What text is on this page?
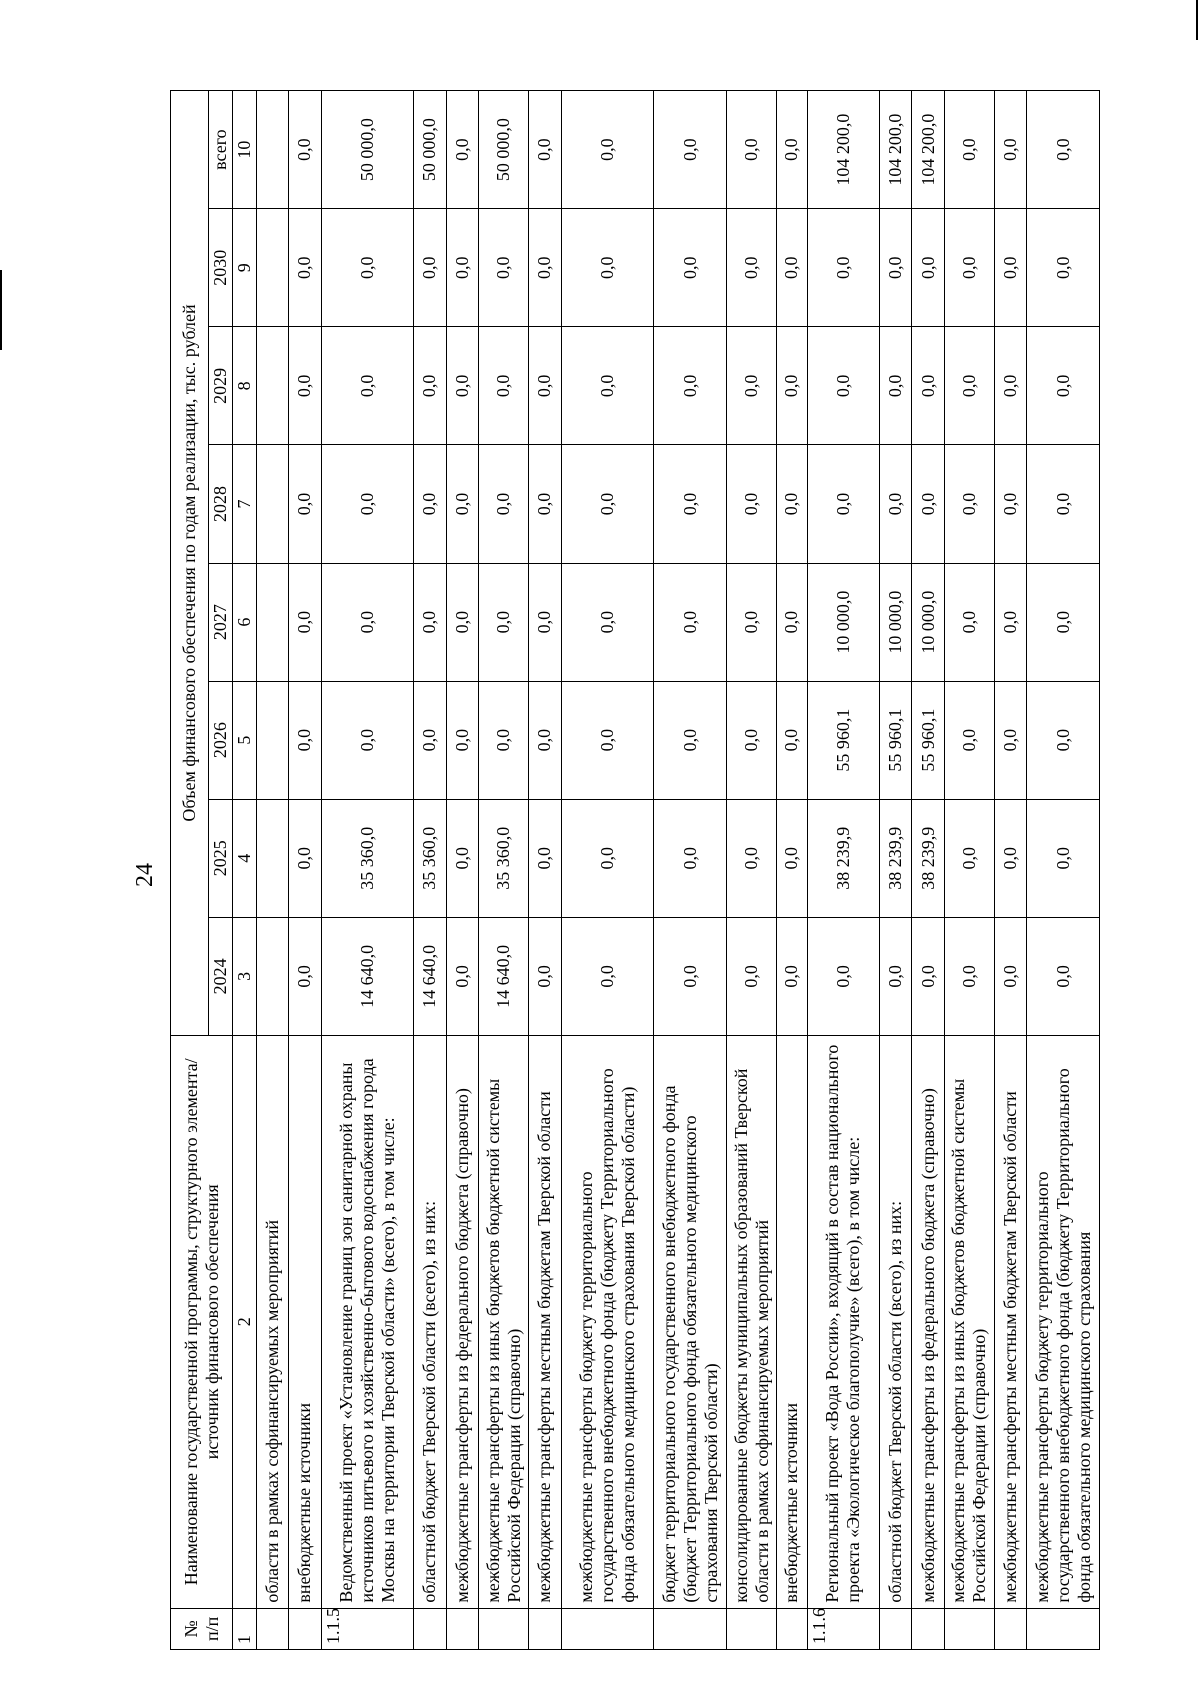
24
№ п/п	Наименование государственной программы, структурного элемента/источник финансового обеспечения	Объем финансового обеспечения по годам реализации, тыс. рублей							
		2024	2025	2026	2027	2028	2029	2030	всего
1	2	3	4	5	6	7	8	9	10
	области в рамках софинансируемых мероприятий								
	внебюджетные источники	0,0	0,0	0,0	0,0	0,0	0,0	0,0	0,0
1.1.5	Ведомственный проект «Установление границ зон санитарной охраны источников питьевого и хозяйственно-бытового водоснабжения города Москвы на территории Тверской области» (всего), в том числе:	14 640,0	35 360,0	0,0	0,0	0,0	0,0	0,0	50 000,0
	областной бюджет Тверской области (всего), из них:	14 640,0	35 360,0	0,0	0,0	0,0	0,0	0,0	50 000,0
	межбюджетные трансферты из федерального бюджета (справочно)	0,0	0,0	0,0	0,0	0,0	0,0	0,0	0,0
	межбюджетные трансферты из иных бюджетов бюджетной системы Российской Федерации (справочно)	14 640,0	35 360,0	0,0	0,0	0,0	0,0	0,0	50 000,0
	межбюджетные трансферты местным бюджетам Тверской области	0,0	0,0	0,0	0,0	0,0	0,0	0,0	0,0
	межбюджетные трансферты бюджету территориального государственного внебюджетного фонда (бюджету Территориального фонда обязательного медицинского страхования Тверской области)	0,0	0,0	0,0	0,0	0,0	0,0	0,0	0,0
	бюджет территориального государственного внебюджетного фонда (бюджет Территориального фонда обязательного медицинского страхования Тверской области)	0,0	0,0	0,0	0,0	0,0	0,0	0,0	0,0
	консолидированные бюджеты муниципальных образований Тверской области в рамках софинансируемых мероприятий	0,0	0,0	0,0	0,0	0,0	0,0	0,0	0,0
	внебюджетные источники	0,0	0,0	0,0	0,0	0,0	0,0	0,0	0,0
1.1.6	Региональный проект «Вода России», входящий в состав национального проекта «Экологическое благополучие» (всего), в том числе:	0,0	38 239,9	55 960,1	10 000,0	0,0	0,0	0,0	104 200,0
	областной бюджет Тверской области (всего), из них:	0,0	38 239,9	55 960,1	10 000,0	0,0	0,0	0,0	104 200,0
	межбюджетные трансферты из федерального бюджета (справочно)	0,0	38 239,9	55 960,1	10 000,0	0,0	0,0	0,0	104 200,0
	межбюджетные трансферты из иных бюджетов бюджетной системы Российской Федерации (справочно)	0,0	0,0	0,0	0,0	0,0	0,0	0,0	0,0
	межбюджетные трансферты местным бюджетам Тверской области	0,0	0,0	0,0	0,0	0,0	0,0	0,0	0,0
	межбюджетные трансферты бюджету территориального государственного внебюджетного фонда (бюджету Территориального фонда обязательного медицинского страхования	0,0	0,0	0,0	0,0	0,0	0,0	0,0	0,0
